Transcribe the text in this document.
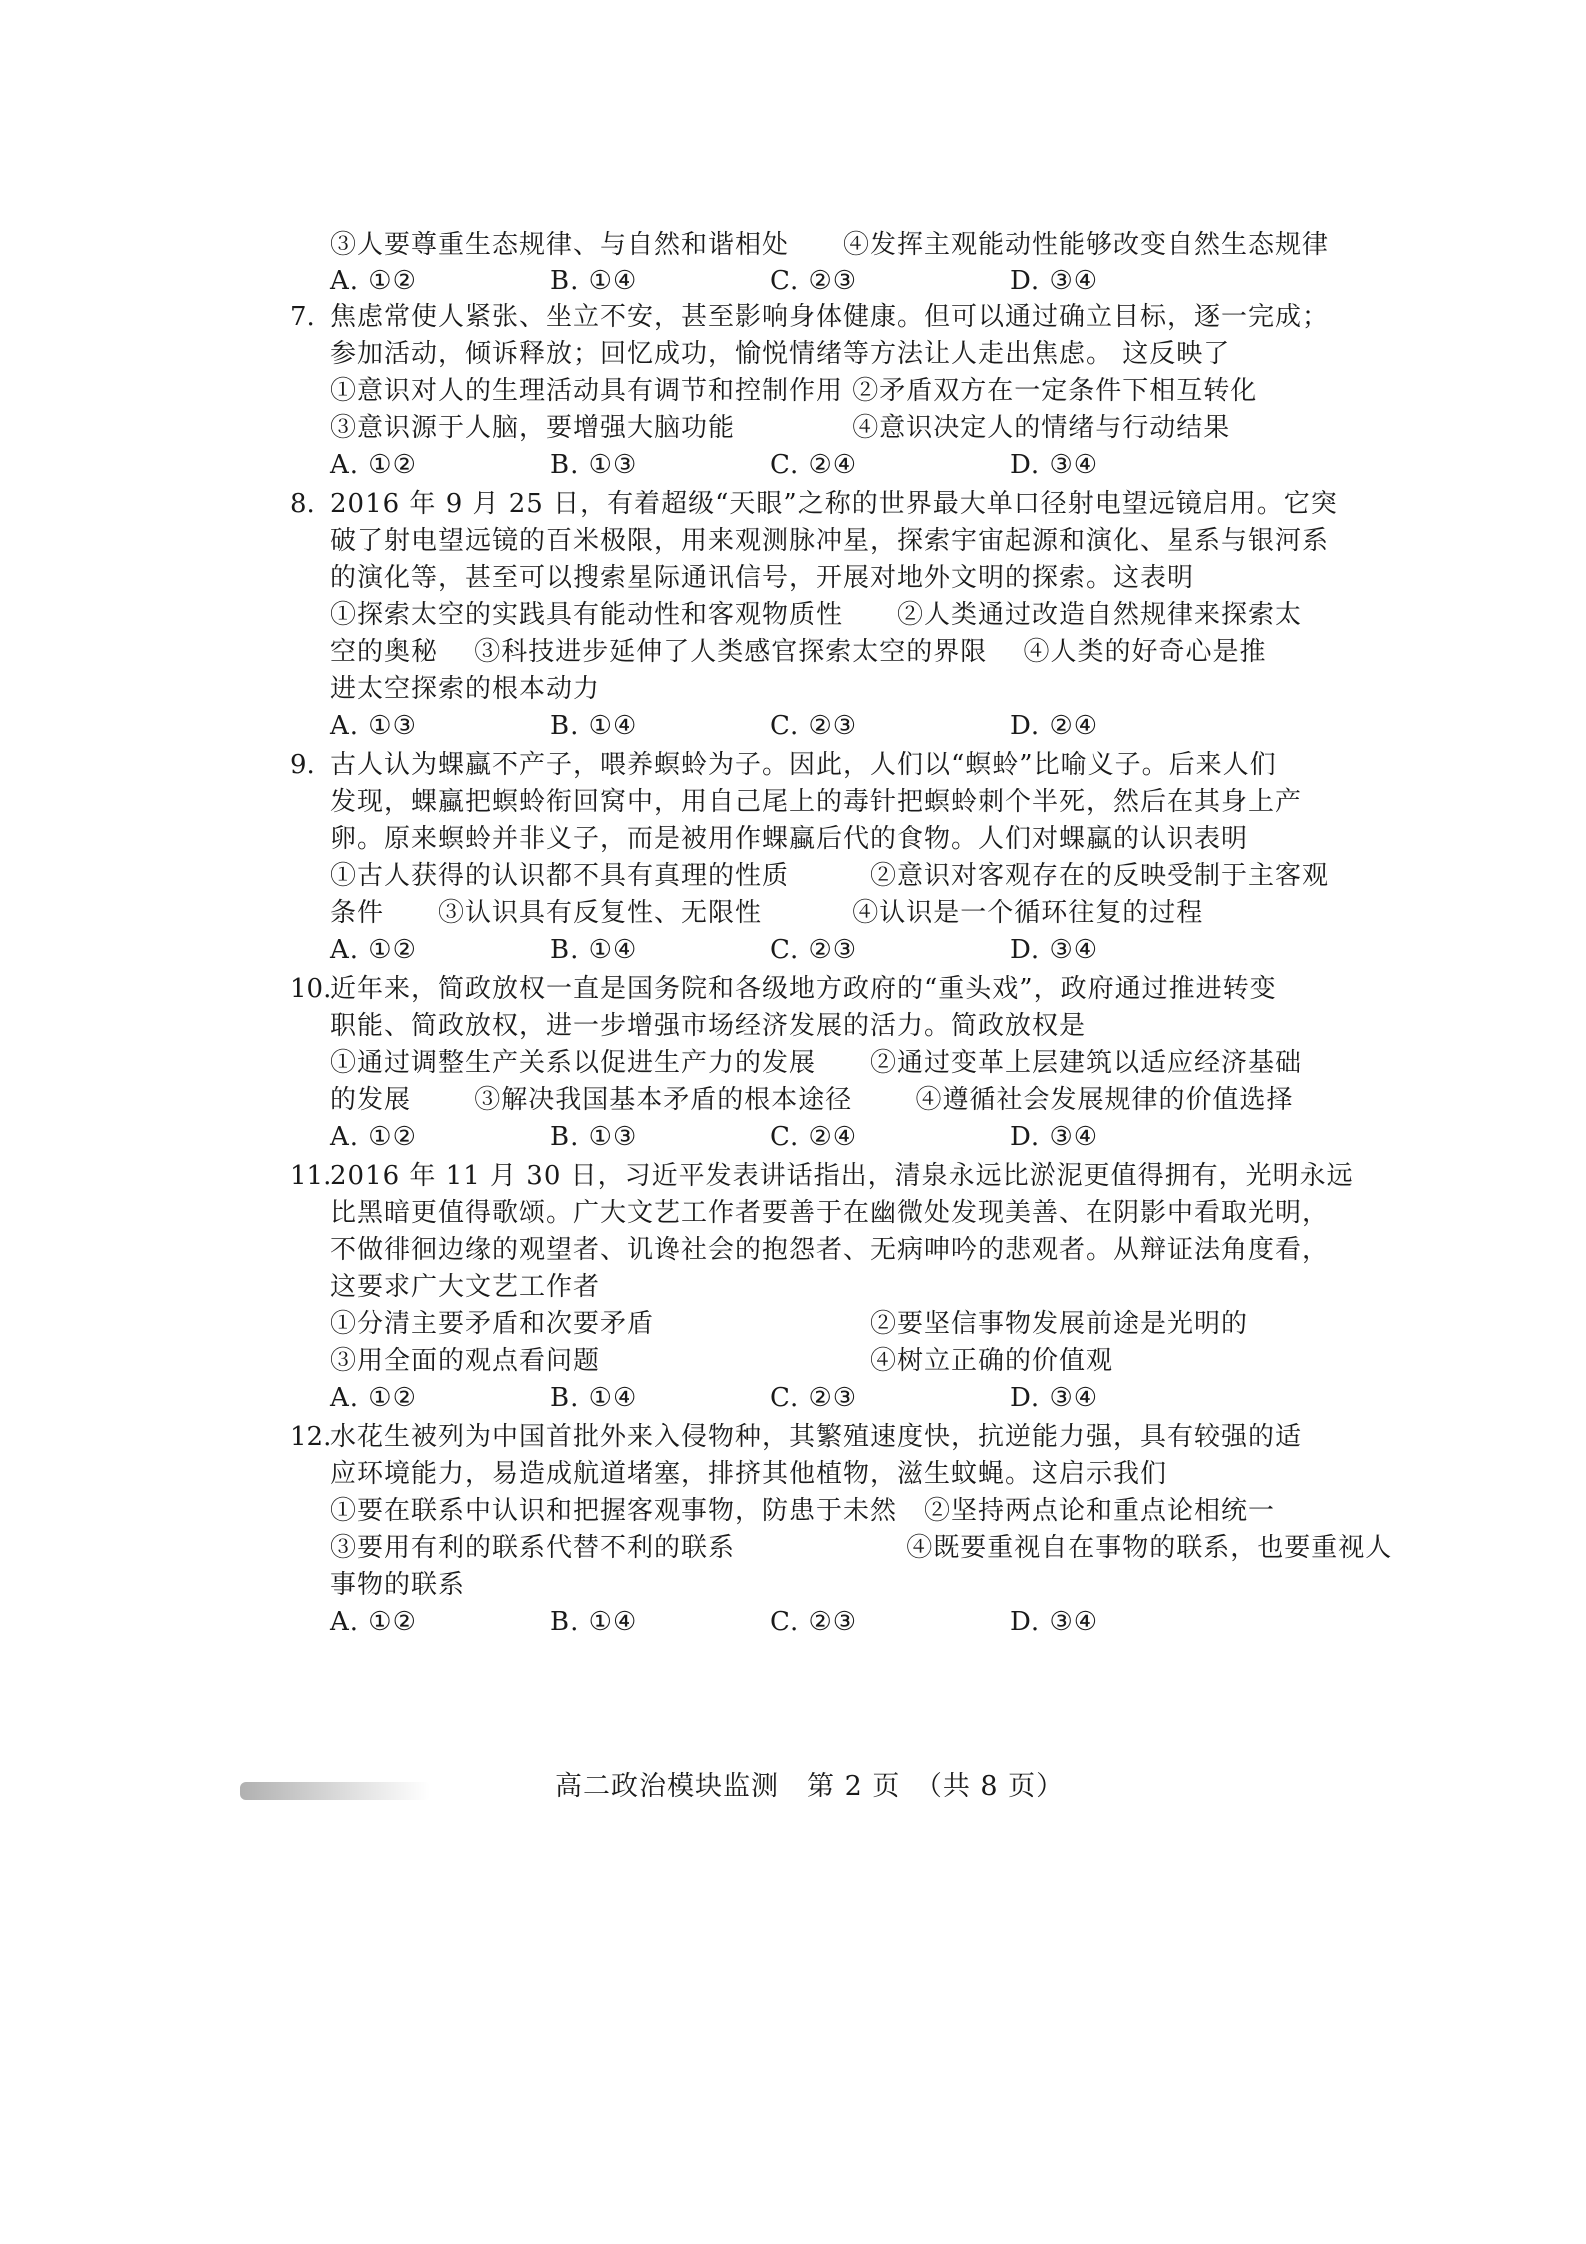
③人要尊重生态规律、与自然和谐相处　　④发挥主观能动性能够改变自然生态规律
A. ①②	B. ①④	C. ②③	D. ③④
7. 焦虑常使人紧张、坐立不安，甚至影响身体健康。但可以通过确立目标，逐一完成；
参加活动，倾诉释放；回忆成功，愉悦情绪等方法让人走出焦虑。 这反映了
①意识对人的生理活动具有调节和控制作用 ②矛盾双方在一定条件下相互转化
③意识源于人脑，要增强大脑功能　　　　 ④意识决定人的情绪与行动结果
A. ①②	B. ①③	C. ②④	D. ③④
8. 2016 年 9 月 25 日，有着超级“天眼”之称的世界最大单口径射电望远镜启用。它突
破了射电望远镜的百米极限，用来观测脉冲星，探索宇宙起源和演化、星系与银河系
的演化等，甚至可以搜索星际通讯信号，开展对地外文明的探索。这表明
①探索太空的实践具有能动性和客观物质性　　②人类通过改造自然规律来探索太
空的奥秘　 ③科技进步延伸了人类感官探索太空的界限　 ④人类的好奇心是推
进太空探索的根本动力
A. ①③	B. ①④	C. ②③	D. ②④
9. 古人认为蜾蠃不产子，喂养螟蛉为子。因此，人们以“螟蛉”比喻义子。后来人们
发现，蜾蠃把螟蛉衔回窝中，用自己尾上的毒针把螟蛉刺个半死，然后在其身上产
卵。原来螟蛉并非义子，而是被用作蜾蠃后代的食物。人们对蜾蠃的认识表明
①古人获得的认识都不具有真理的性质　　　②意识对客观存在的反映受制于主客观
条件　　③认识具有反复性、无限性　　　 ④认识是一个循环往复的过程
A. ①②	B. ①④	C. ②③	D. ③④
10.
近年来，简政放权一直是国务院和各级地方政府的“重头戏”，政府通过推进转变
职能、简政放权，进一步增强市场经济发展的活力。简政放权是
①通过调整生产关系以促进生产力的发展　　②通过变革上层建筑以适应经济基础
的发展　　 ③解决我国基本矛盾的根本途径　　 ④遵循社会发展规律的价值选择
A. ①②	B. ①③	C. ②④	D. ③④
11.
2016 年 11 月 30 日，习近平发表讲话指出，清泉永远比淤泥更值得拥有，光明永远
比黑暗更值得歌颂。广大文艺工作者要善于在幽微处发现美善、在阴影中看取光明，
不做徘徊边缘的观望者、讥谗社会的抱怨者、无病呻吟的悲观者。从辩证法角度看，
这要求广大文艺工作者
①分清主要矛盾和次要矛盾　　　　　　　　②要坚信事物发展前途是光明的
③用全面的观点看问题　　　　　　　　　　④树立正确的价值观
A. ①②	B. ①④	C. ②③	D. ③④
12.
水花生被列为中国首批外来入侵物种，其繁殖速度快，抗逆能力强，具有较强的适
应环境能力，易造成航道堵塞，排挤其他植物，滋生蚊蝇。这启示我们
①要在联系中认识和把握客观事物，防患于未然　②坚持两点论和重点论相统一
③要用有利的联系代替不利的联系　　　　　　 ④既要重视自在事物的联系，也要重视人
事物的联系
A. ①②	B. ①④	C. ②③	D. ③④
高二政治模块监测　第 2 页　（共 8 页）
